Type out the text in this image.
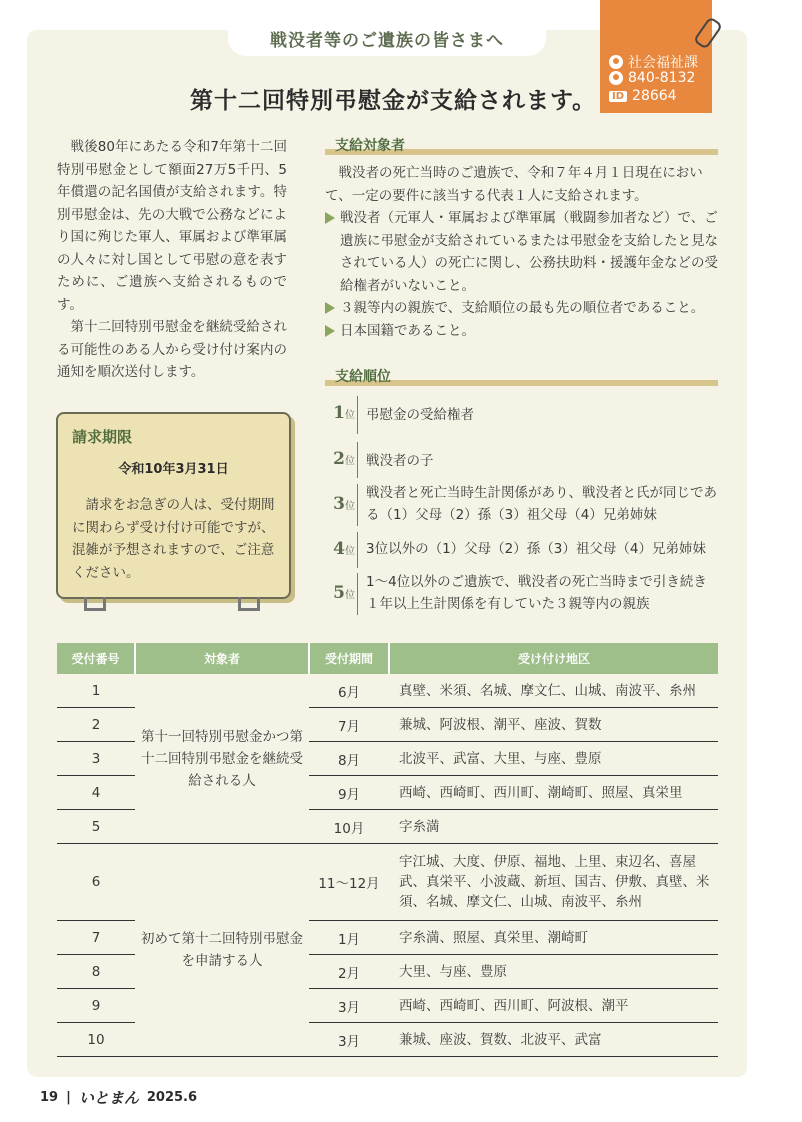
戦没者等のご遺族の皆さまへ
社会福祉課
840-8132
ID 28664
第十二回特別弔慰金が支給されます。

戦後80年にあたる令和7年第十二回特別弔慰金として額面27万5千円、5年償還の記名国債が支給されます。特別弔慰金は、先の大戦で公務などにより国に殉じた軍人、軍属および準軍属の人々に対し国として弔慰の意を表すために、ご遺族へ支給されるものです。

第十二回特別弔慰金を継続受給される可能性のある人から受け付け案内の通知を順次送付します。

請求期限
令和10年3月31日
請求をお急ぎの人は、受付期間に関わらず受け付け可能ですが、混雑が予想されますので、ご注意ください。
支給対象者

戦没者の死亡当時のご遺族で、令和７年４月１日現在において、一定の要件に該当する代表１人に支給されます。

戦没者（元軍人・軍属および準軍属（戦闘参加者など）で、ご遺族に弔慰金が支給されているまたは弔慰金を支給したと見なされている人）の死亡に関し、公務扶助料・援護年金などの受給権者がいないこと。
３親等内の親族で、支給順位の最も先の順位者であること。
日本国籍であること。
支給順位
1位 弔慰金の受給権者
2位 戦没者の子
3位
戦没者と死亡当時生計関係があり、戦没者と氏が同じである（1）父母（2）孫（3）祖父母（4）兄弟姉妹
4位 3位以外の（1）父母（2）孫（3）祖父母（4）兄弟姉妹
5位
1～4位以外のご遺族で、戦没者の死亡当時まで引き続き１年以上生計関係を有していた３親等内の親族
受付番号	対象者	受付期間	受け付け地区
1	第十一回特別弔慰金かつ第十二回特別弔慰金を継続受給される人	6月	真壁、米須、名城、摩文仁、山城、南波平、糸州
2		7月	兼城、阿波根、潮平、座波、賀数
3		8月	北波平、武富、大里、与座、豊原
4		9月	西崎、西崎町、西川町、潮崎町、照屋、真栄里
5		10月	字糸満
6	初めて第十二回特別弔慰金を申請する人	11～12月	宇江城、大度、伊原、福地、上里、束辺名、喜屋武、真栄平、小波蔵、新垣、国吉、伊敷、真壁、米須、名城、摩文仁、山城、南波平、糸州
7		1月	字糸満、照屋、真栄里、潮崎町
8		2月	大里、与座、豊原
9		3月	西崎、西崎町、西川町、阿波根、潮平
10		3月	兼城、座波、賀数、北波平、武富
19 | いとまん 2025.6
